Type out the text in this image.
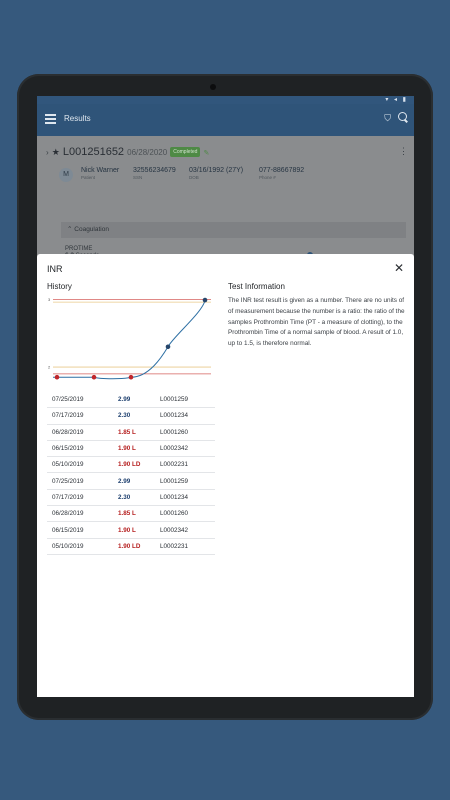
▾ ◂ ▮
Results	⛉
› ★ L001251652 06/28/2020 Completed ✎	⋮
M
Nick Warner
Patient
32556234679
SSN
03/16/1992 (27Y)
DOB
077-88667892
Phone #
⌃ Coagulation
PROTIME
INR	✕
History	Test Information
The INR test result is given as a number. There are no units of of measurement because the number is a ratio: the ratio of the samples Prothrombin Time (PT - a measure of clotting), to the Prothrombin Time of a normal sample of blood. A result of 1.0, up to 1.5, is therefore normal.
3
2
07/25/2019	2.99	L0001259
07/17/2019	2.30	L0001234
06/28/2019	1.85 L	L0001260
06/15/2019	1.90 L	L0002342
05/10/2019	1.90 LD	L0002231
07/25/2019	2.99	L0001259
07/17/2019	2.30	L0001234
06/28/2019	1.85 L	L0001260
06/15/2019	1.90 L	L0002342
05/10/2019	1.90 LD	L0002231
